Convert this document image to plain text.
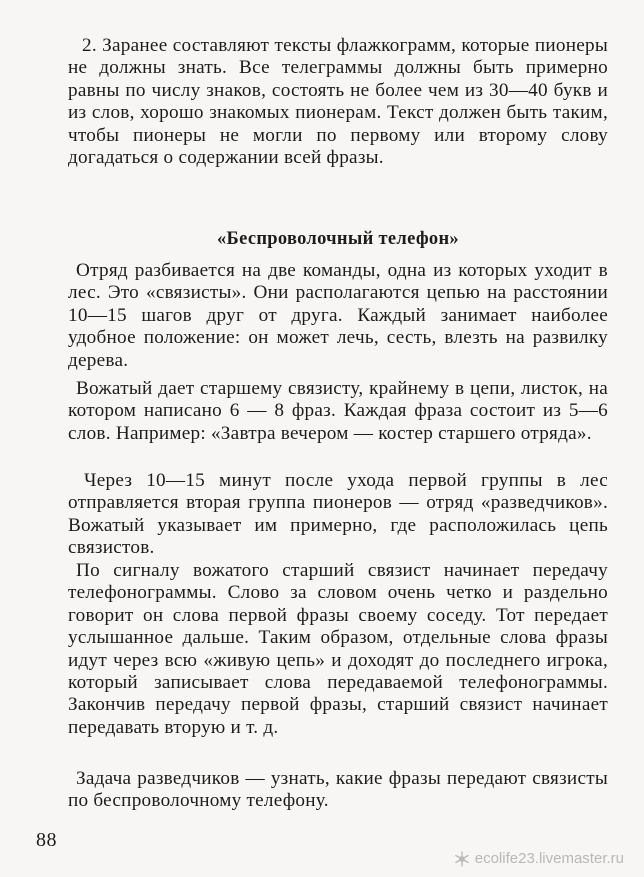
2. Заранее составляют тексты флажкограмм, которые пионеры не должны знать. Все телеграммы должны быть примерно равны по числу знаков, состоять не более чем из 30—40 букв и из слов, хорошо знакомых пионерам. Текст должен быть таким, чтобы пионеры не могли по первому или второму слову догадаться о содержании всей фразы.

«Беспроволочный телефон»

Отряд разбивается на две команды, одна из которых уходит в лес. Это «связисты». Они располагаются цепью на расстоянии 10—15 шагов друг от друга. Каждый занимает наиболее удобное положение: он может лечь, сесть, влезть на развилку дерева.

Вожатый дает старшему связисту, крайнему в цепи, листок, на котором написано 6 — 8 фраз. Каждая фраза состоит из 5—6 слов. Например: «Завтра вечером — костер старшего отряда».

Через 10—15 минут после ухода первой группы в лес отправляется вторая группа пионеров — отряд «разведчиков». Вожатый указывает им примерно, где расположилась цепь связистов.

По сигналу вожатого старший связист начинает передачу телефонограммы. Слово за словом очень четко и раздельно говорит он слова первой фразы своему соседу. Тот передает услышанное дальше. Таким образом, отдельные слова фразы идут через всю «живую цепь» и доходят до последнего игрока, который записывает слова передаваемой телефонограммы. Закончив передачу первой фразы, старший связист начинает передавать вторую и т. д.

Задача разведчиков — узнать, какие фразы передают связисты по беспроволочному телефону.

88
ecolife23.livemaster.ru
